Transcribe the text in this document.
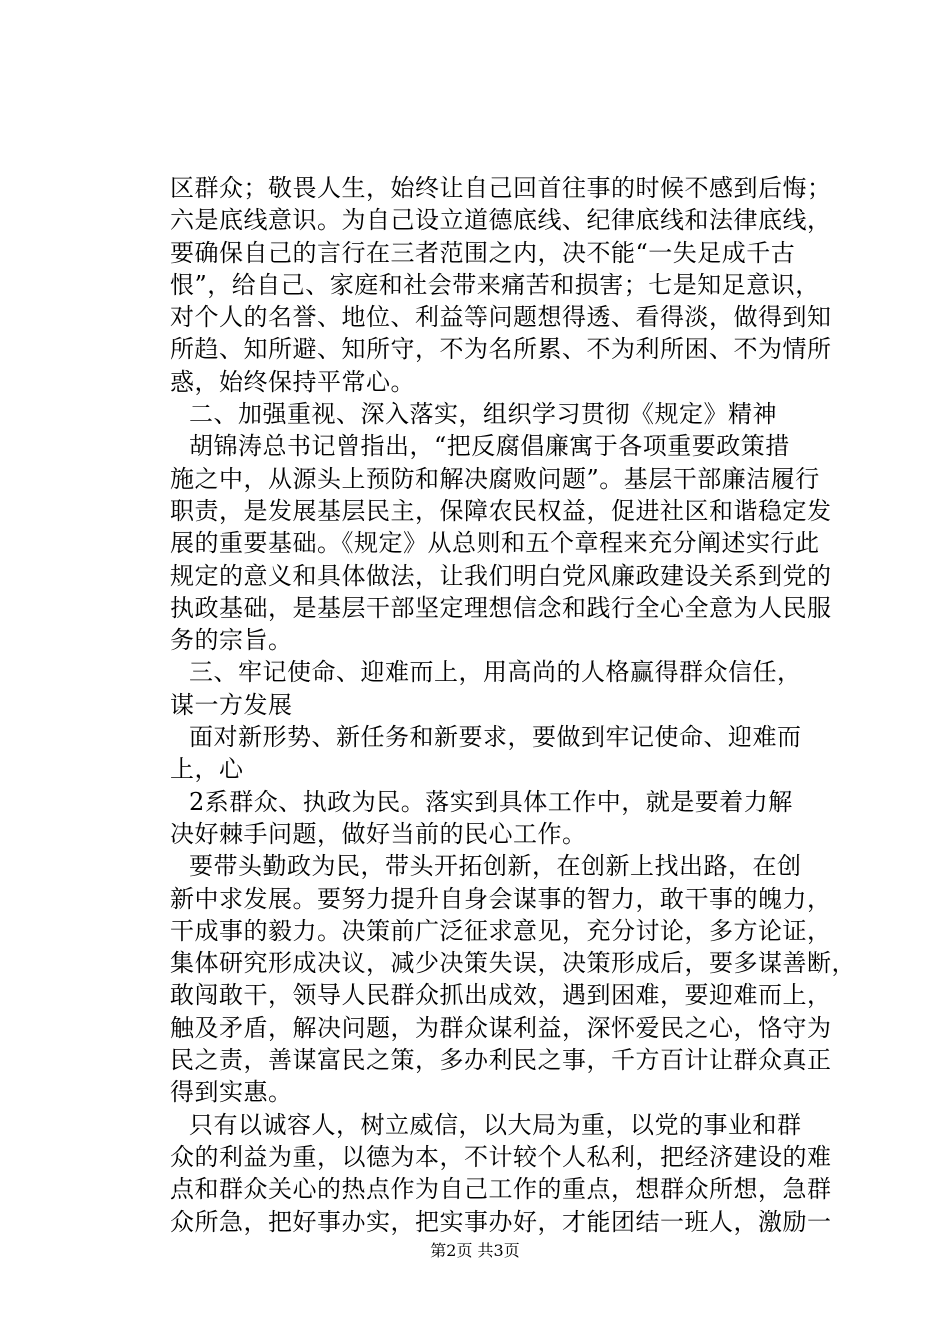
区群众；敬畏人生，始终让自己回首往事的时候不感到后悔；
六是底线意识。为自己设立道德底线、纪律底线和法律底线，
要确保自己的言行在三者范围之内，决不能“一失足成千古
恨”，给自己、家庭和社会带来痛苦和损害；七是知足意识，
对个人的名誉、地位、利益等问题想得透、看得淡，做得到知
所趋、知所避、知所守，不为名所累、不为利所困、不为情所
惑，始终保持平常心。
二、加强重视、深入落实，组织学习贯彻《规定》精神
胡锦涛总书记曾指出，“把反腐倡廉寓于各项重要政策措
施之中，从源头上预防和解决腐败问题”。基层干部廉洁履行
职责，是发展基层民主，保障农民权益，促进社区和谐稳定发
展的重要基础。《规定》从总则和五个章程来充分阐述实行此
规定的意义和具体做法，让我们明白党风廉政建设关系到党的
执政基础，是基层干部坚定理想信念和践行全心全意为人民服
务的宗旨。
三、牢记使命、迎难而上，用高尚的人格赢得群众信任，
谋一方发展
面对新形势、新任务和新要求，要做到牢记使命、迎难而
上，心
2系群众、执政为民。落实到具体工作中，就是要着力解
决好棘手问题，做好当前的民心工作。
要带头勤政为民，带头开拓创新，在创新上找出路，在创
新中求发展。要努力提升自身会谋事的智力，敢干事的魄力，
干成事的毅力。决策前广泛征求意见，充分讨论，多方论证，
集体研究形成决议，减少决策失误，决策形成后，要多谋善断，
敢闯敢干，领导人民群众抓出成效，遇到困难，要迎难而上，
触及矛盾，解决问题，为群众谋利益，深怀爱民之心，恪守为
民之责，善谋富民之策，多办利民之事，千方百计让群众真正
得到实惠。
只有以诚容人，树立威信，以大局为重，以党的事业和群
众的利益为重，以德为本，不计较个人私利，把经济建设的难
点和群众关心的热点作为自己工作的重点，想群众所想，急群
众所急，把好事办实，把实事办好，才能团结一班人，激励一
第2页 共3页
